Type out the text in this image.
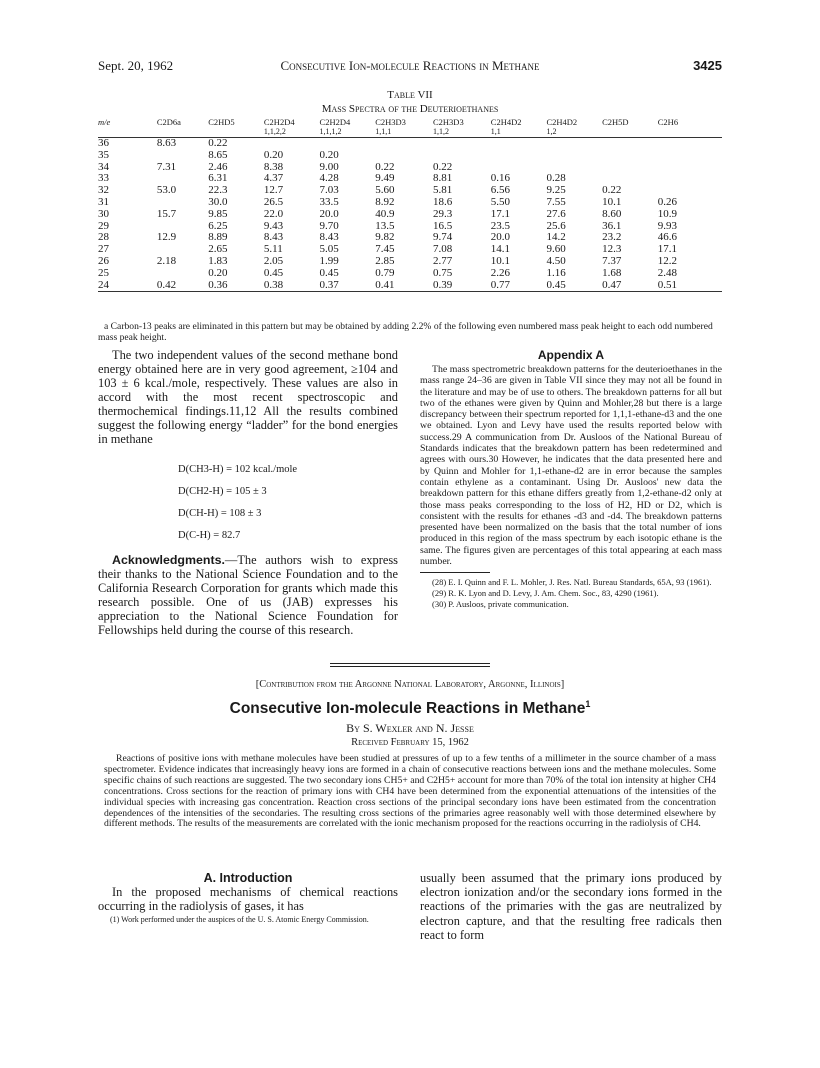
Sept. 20, 1962	Consecutive Ion-molecule Reactions in Methane	3425
Table VII
Mass Spectra of the Deuterioethanes
m/e	C2D6a	C2HD5	C2H2D4	C2H2D4	C2H3D3	C2H3D3	C2H4D2	C2H4D2	C2H5D	C2H6
			1,1,2,2	1,1,1,2	1,1,1	1,1,2	1,1	1,2		
36	8.63	0.22								
35		8.65	0.20	0.20						
34	7.31	2.46	8.38	9.00	0.22	0.22				
33		6.31	4.37	4.28	9.49	8.81	0.16	0.28		
32	53.0	22.3	12.7	7.03	5.60	5.81	6.56	9.25	0.22	
31		30.0	26.5	33.5	8.92	18.6	5.50	7.55	10.1	0.26
30	15.7	9.85	22.0	20.0	40.9	29.3	17.1	27.6	8.60	10.9
29		6.25	9.43	9.70	13.5	16.5	23.5	25.6	36.1	9.93
28	12.9	8.89	8.43	8.43	9.82	9.74	20.0	14.2	23.2	46.6
27		2.65	5.11	5.05	7.45	7.08	14.1	9.60	12.3	17.1
26	2.18	1.83	2.05	1.99	2.85	2.77	10.1	4.50	7.37	12.2
25		0.20	0.45	0.45	0.79	0.75	2.26	1.16	1.68	2.48
24	0.42	0.36	0.38	0.37	0.41	0.39	0.77	0.45	0.47	0.51
a Carbon-13 peaks are eliminated in this pattern but may be obtained by adding 2.2% of the following even numbered mass peak height to each odd numbered mass peak height.

The two independent values of the second methane bond energy obtained here are in very good agreement, ≥104 and 103 ± 6 kcal./mole, respectively. These values are also in accord with the most recent spectroscopic and thermochemical findings.11,12 All the results combined suggest the following energy “ladder” for the bond energies in methane

D(CH3-H) = 102 kcal./mole
D(CH2-H) = 105 ± 3
D(CH-H) = 108 ± 3
D(C-H) = 82.7

Acknowledgments.—The authors wish to express their thanks to the National Science Foundation and to the California Research Corporation for grants which made this research possible. One of us (JAB) expresses his appreciation to the National Science Foundation for Fellowships held during the course of this research.

Appendix A

The mass spectrometric breakdown patterns for the deuterioethanes in the mass range 24–36 are given in Table VII since they may not all be found in the literature and may be of use to others. The breakdown patterns for all but two of the ethanes were given by Quinn and Mohler,28 but there is a large discrepancy between their spectrum reported for 1,1,1-ethane-d3 and the one we obtained. Lyon and Levy have used the results reported below with success.29 A communication from Dr. Ausloos of the National Bureau of Standards indicates that the breakdown pattern has been redetermined and agrees with ours.30 However, he indicates that the data presented here and by Quinn and Mohler for 1,1-ethane-d2 are in error because the samples contain ethylene as a contaminant. Using Dr. Ausloos' new data the breakdown pattern for this ethane differs greatly from 1,2-ethane-d2 only at those mass peaks corresponding to the loss of H2, HD or D2, which is consistent with the results for ethanes -d3 and -d4. The breakdown patterns presented have been normalized on the basis that the total number of ions produced in this region of the mass spectrum by each isotopic ethane is the same. The figures given are percentages of this total appearing at each mass number.

(28) E. I. Quinn and F. L. Mohler, J. Res. Natl. Bureau Standards, 65A, 93 (1961).
(29) R. K. Lyon and D. Levy, J. Am. Chem. Soc., 83, 4290 (1961).
(30) P. Ausloos, private communication.
[Contribution from the Argonne National Laboratory, Argonne, Illinois]
Consecutive Ion-molecule Reactions in Methane$^1$
By S. Wexler and N. Jesse
Received February 15, 1962
Reactions of positive ions with methane molecules have been studied at pressures of up to a few tenths of a millimeter in the source chamber of a mass spectrometer. Evidence indicates that increasingly heavy ions are formed in a chain of consecutive reactions between ions and the methane molecules. Some specific chains of such reactions are suggested. The two secondary ions CH5+ and C2H5+ account for more than 70% of the total ion intensity at higher CH4 concentrations. Cross sections for the reaction of primary ions with CH4 have been determined from the exponential attenuations of the intensities of the individual species with increasing gas concentration. Reaction cross sections of the principal secondary ions have been estimated from the concentration dependences of the intensities of the secondaries. The resulting cross sections of the primaries agree reasonably well with those determined elsewhere by different methods. The results of the measurements are correlated with the ionic mechanism proposed for the reactions occurring in the radiolysis of CH4.
A. Introduction

In the proposed mechanisms of chemical reactions occurring in the radiolysis of gases, it has

(1) Work performed under the auspices of the U. S. Atomic Energy Commission.
usually been assumed that the primary ions produced by electron ionization and/or the secondary ions formed in the reactions of the primaries with the gas are neutralized by electron capture, and that the resulting free radicals then react to form
